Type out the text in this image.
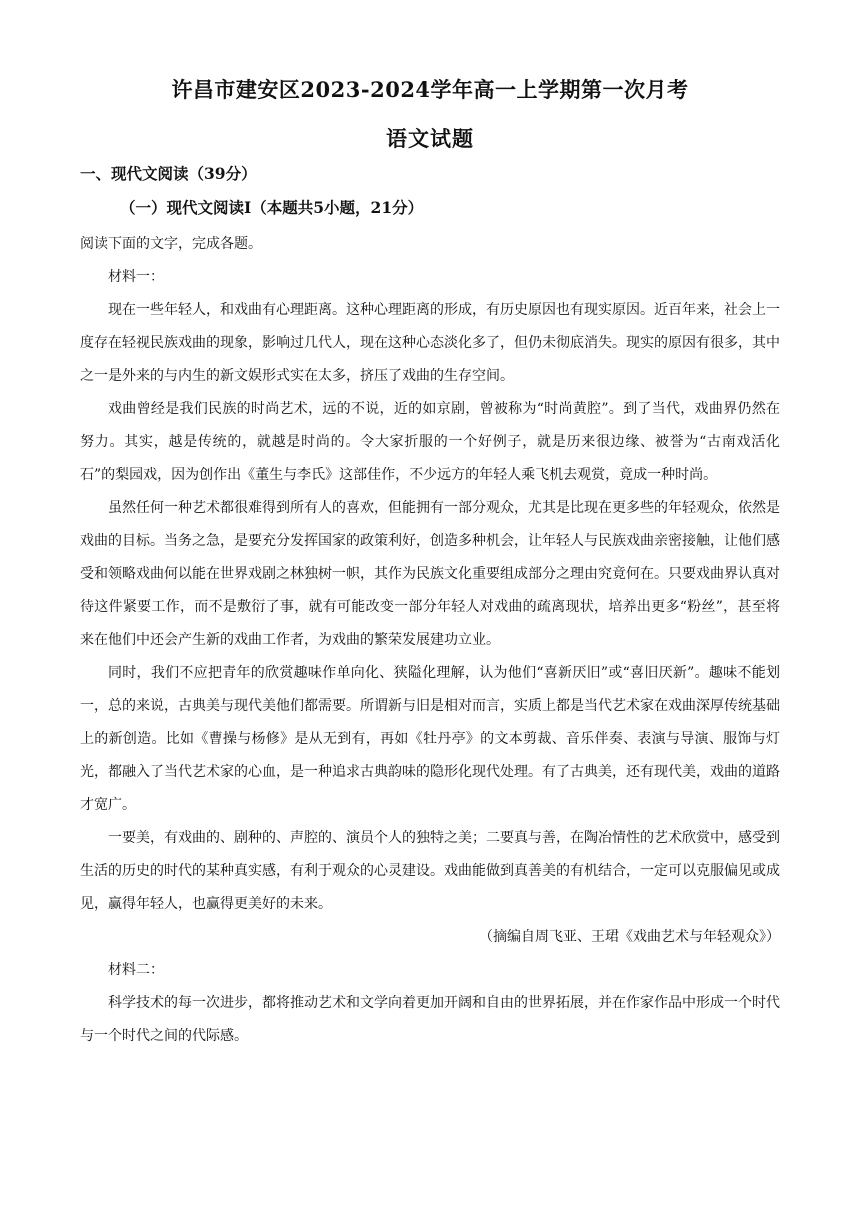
许昌市建安区2023-2024学年高一上学期第一次月考
语文试题
一、现代文阅读（39分）
（一）现代文阅读Ⅰ（本题共5小题，21分）

阅读下面的文字，完成各题。

材料一：

现在一些年轻人，和戏曲有心理距离。这种心理距离的形成，有历史原因也有现实原因。近百年来，社会上一度存在轻视民族戏曲的现象，影响过几代人，现在这种心态淡化多了，但仍未彻底消失。现实的原因有很多，其中之一是外来的与内生的新文娱形式实在太多，挤压了戏曲的生存空间。

戏曲曾经是我们民族的时尚艺术，远的不说，近的如京剧，曾被称为“时尚黄腔”。到了当代，戏曲界仍然在努力。其实，越是传统的，就越是时尚的。令大家折服的一个好例子，就是历来很边缘、被誉为“古南戏活化石”的梨园戏，因为创作出《董生与李氏》这部佳作，不少远方的年轻人乘飞机去观赏，竟成一种时尚。

虽然任何一种艺术都很难得到所有人的喜欢，但能拥有一部分观众，尤其是比现在更多些的年轻观众，依然是戏曲的目标。当务之急，是要充分发挥国家的政策利好，创造多种机会，让年轻人与民族戏曲亲密接触，让他们感受和领略戏曲何以能在世界戏剧之林独树一帜，其作为民族文化重要组成部分之理由究竟何在。只要戏曲界认真对待这件紧要工作，而不是敷衍了事，就有可能改变一部分年轻人对戏曲的疏离现状，培养出更多“粉丝”，甚至将来在他们中还会产生新的戏曲工作者，为戏曲的繁荣发展建功立业。

同时，我们不应把青年的欣赏趣味作单向化、狭隘化理解，认为他们“喜新厌旧”或“喜旧厌新”。趣味不能划一，总的来说，古典美与现代美他们都需要。所谓新与旧是相对而言，实质上都是当代艺术家在戏曲深厚传统基础上的新创造。比如《曹操与杨修》是从无到有，再如《牡丹亭》的文本剪裁、音乐伴奏、表演与导演、服饰与灯光，都融入了当代艺术家的心血，是一种追求古典韵味的隐形化现代处理。有了古典美，还有现代美，戏曲的道路才宽广。

一要美，有戏曲的、剧种的、声腔的、演员个人的独特之美；二要真与善，在陶冶情性的艺术欣赏中，感受到生活的历史的时代的某种真实感，有利于观众的心灵建设。戏曲能做到真善美的有机结合，一定可以克服偏见或成见，赢得年轻人，也赢得更美好的未来。

（摘编自周飞亚、王珺《戏曲艺术与年轻观众》）

材料二：

科学技术的每一次进步，都将推动艺术和文学向着更加开阔和自由的世界拓展，并在作家作品中形成一个时代与一个时代之间的代际感。
